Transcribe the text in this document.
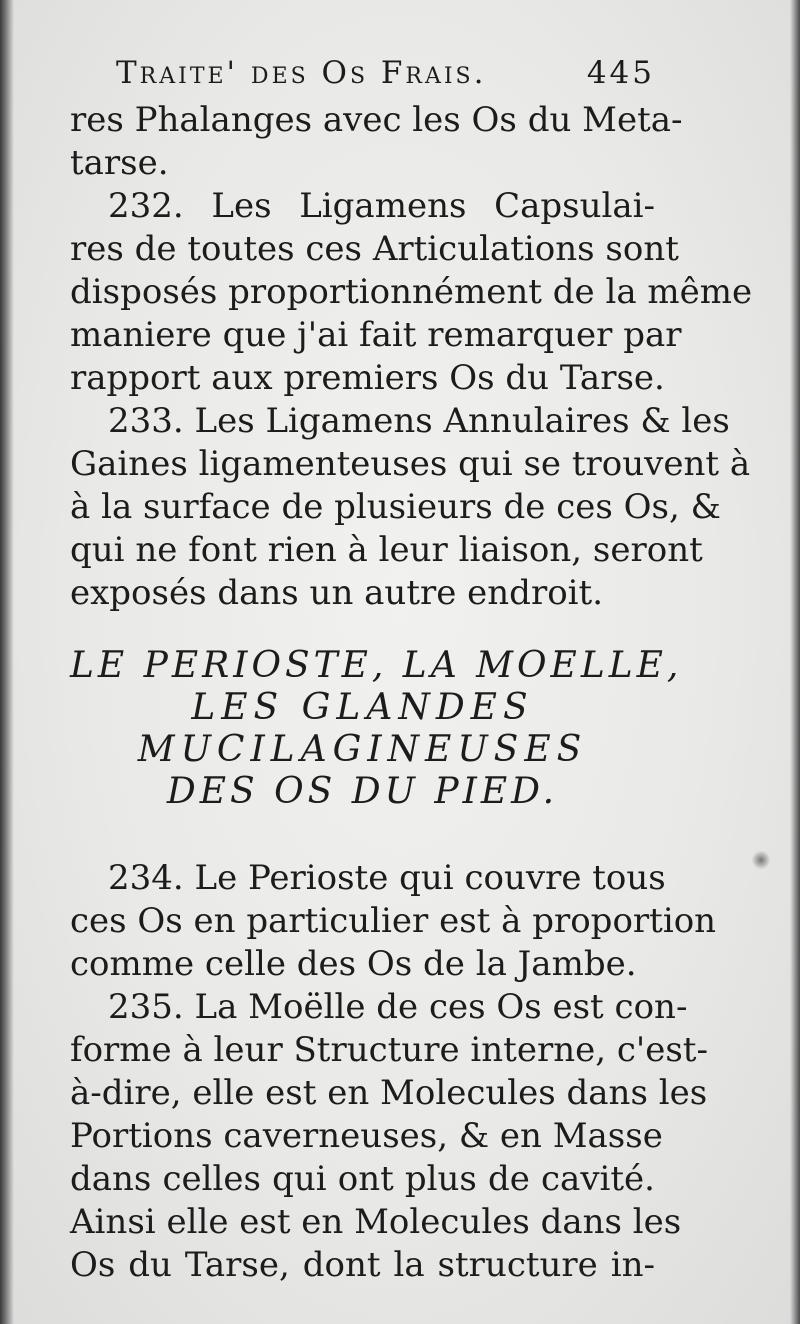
Traite' des Os Frais.	445
res Phalanges avec les Os du Meta-
tarse.
232. Les Ligamens Capsulai-
res de toutes ces Articulations sont
disposés proportionnément de la même
maniere que j'ai fait remarquer par
rapport aux premiers Os du Tarse.
233. Les Ligamens Annulaires & les
Gaines ligamenteuses qui se trouvent à
à la surface de plusieurs de ces Os, &
qui ne font rien à leur liaison, seront
exposés dans un autre endroit.
LE PERIOSTE, LA MOELLE,
LES GLANDES
MUCILAGINEUSES
DES OS DU PIED.
234. Le Perioste qui couvre tous
ces Os en particulier est à proportion
comme celle des Os de la Jambe.
235. La Moëlle de ces Os est con-
forme à leur Structure interne, c'est-
à-dire, elle est en Molecules dans les
Portions caverneuses, & en Masse
dans celles qui ont plus de cavité.
Ainsi elle est en Molecules dans les
Os du Tarse, dont la structure in-
